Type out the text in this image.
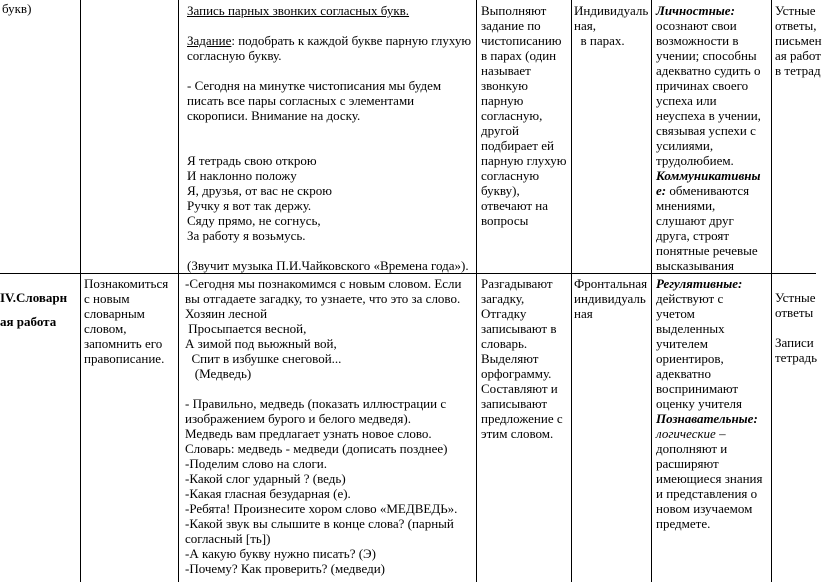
букв)	Запись парных звонких согласных букв.
Задание: подобрать к каждой букве парную глухую
согласную букву.
- Сегодня на минутке чистописания мы будем
писать все пары согласных с элементами
скорописи. Внимание на доску.
Я тетрадь свою открою
И наклонно положу
Я, друзья, от вас не скрою
Ручку я вот так держу.
Сяду прямо, не согнусь,
За работу я возьмусь.
(Звучит музыка П.И.Чайковского «Времена года»).
Выполняют
задание по
чистописанию
в парах (один
называет
звонкую
парную
согласную,
другой
подбирает ей
парную глухую
согласную
букву),
отвечают на
вопросы
Индивидуаль
ная,
в парах.
Личностные:
осознают свои
возможности в
учении; способны
адекватно судить о
причинах своего
успеха или
неуспеха в учении,
связывая успехи с
усилиями,
трудолюбием.
Коммуникативны
е: обмениваются
мнениями,
слушают друг
друга, строят
понятные речевые
высказывания
Устные
ответы,
письмен
ая работ
в тетрад
IV.Словарн
ая работа
Познакомиться
с новым
словарным
словом,
запомнить его
правописание.
-Сегодня мы познакомимся с новым словом. Если
вы отгадаете загадку, то узнаете, что это за слово.
Хозяин лесной
Просыпается весной,
А зимой под вьюжный вой,
Спит в избушке снеговой...
(Медведь)
- Правильно, медведь (показать иллюстрации с
изображением бурого и белого медведя).
Медведь вам предлагает узнать новое слово.
Словарь: медведь - медведи (дописать позднее)
-Поделим слово на слоги.
-Какой слог ударный ? (ведь)
-Какая гласная безударная (е).
-Ребята! Произнесите хором слово «МЕДВЕДЬ».
-Какой звук вы слышите в конце слова? (парный
согласный [ть])
-А какую букву нужно писать? (Э)
-Почему? Как проверить? (медведи)
Разгадывают
загадку,
Отгадку
записывают в
словарь.
Выделяют
орфограмму.
Составляют и
записывают
предложение с
этим словом.
Фронтальная
индивидуаль
ная
Регулятивные:
действуют с
учетом
выделенных
учителем
ориентиров,
адекватно
воспринимают
оценку учителя
Познавательные:
логические –
дополняют и
расширяют
имеющиеся знания
и представления о
новом изучаемом
предмете.
Устные
ответы
Записи
тетрадь
